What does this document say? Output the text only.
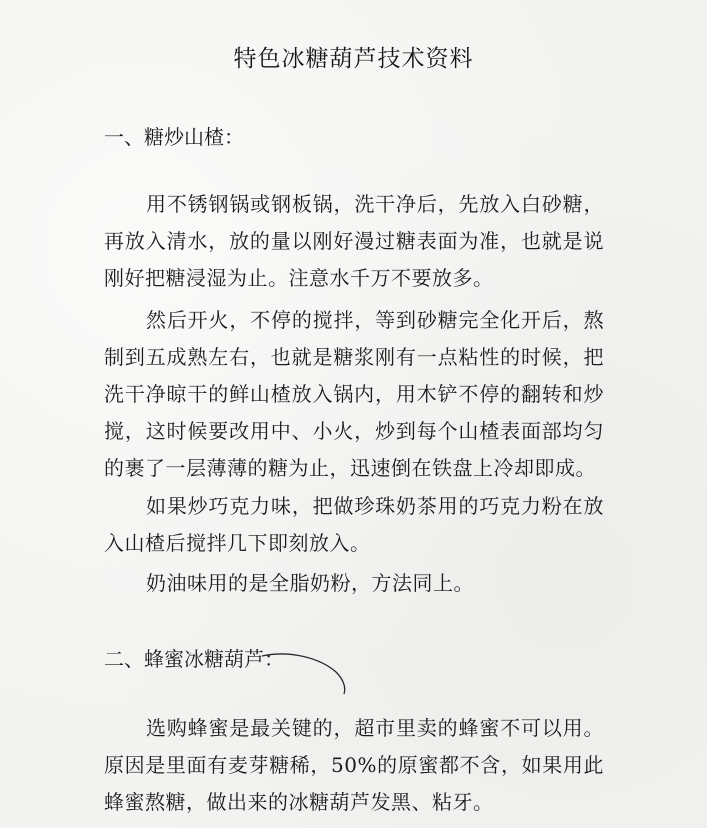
特色冰糖葫芦技术资料
一、糖炒山楂：

用不锈钢锅或钢板锅，洗干净后，先放入白砂糖，再放入清水，放的量以刚好漫过糖表面为准，也就是说刚好把糖浸湿为止。注意水千万不要放多。

然后开火，不停的搅拌，等到砂糖完全化开后，熬制到五成熟左右，也就是糖浆刚有一点粘性的时候，把洗干净晾干的鲜山楂放入锅内，用木铲不停的翻转和炒搅，这时候要改用中、小火，炒到每个山楂表面部均匀的裹了一层薄薄的糖为止，迅速倒在铁盘上冷却即成。

如果炒巧克力味，把做珍珠奶茶用的巧克力粉在放入山楂后搅拌几下即刻放入。

奶油味用的是全脂奶粉，方法同上。

二、蜂蜜冰糖葫芦：

选购蜂蜜是最关键的，超市里卖的蜂蜜不可以用。原因是里面有麦芽糖稀，50%的原蜜都不含，如果用此蜂蜜熬糖，做出来的冰糖葫芦发黑、粘牙。
